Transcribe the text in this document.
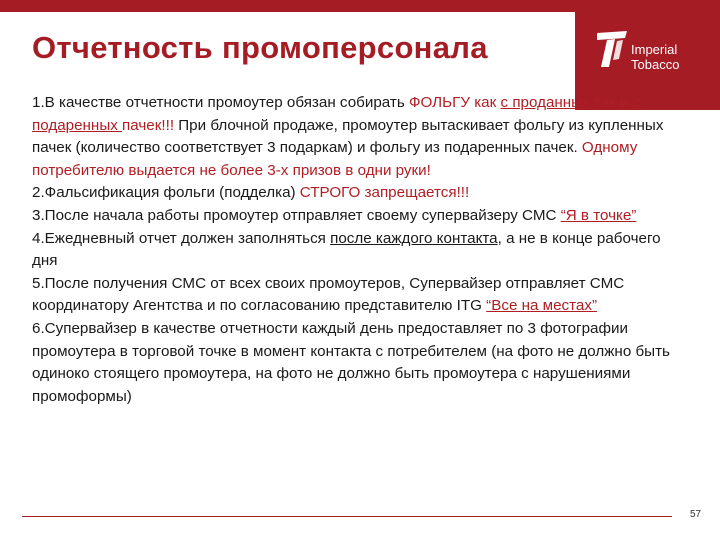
Imperial
Tobacco
Отчетность промоперсонала

1.В качестве отчетности промоутер обязан собирать ФОЛЬГУ как с проданных так и с подаренных пачек!!! При блочной продаже, промоутер вытаскивает фольгу из купленных пачек (количество соответствует 3 подаркам) и фольгу из подаренных пачек. Одному потребителю выдается не более 3-х призов в одни руки!

2.Фальсификация фольги (подделка) СТРОГО запрещается!!!

3.После начала работы промоутер отправляет своему супервайзеру СМС “Я в точке”

4.Ежедневный отчет должен заполняться после каждого контакта, а не в конце рабочего дня

5.После получения СМС от всех своих промоутеров, Супервайзер отправляет СМС координатору Агентства и по согласованию представителю ITG “Все на местах”

6.Супервайзер в качестве отчетности каждый день предоставляет по 3 фотографии промоутера в торговой точке в момент контакта с потребителем (на фото не должно быть одиноко стоящего промоутера, на фото не должно быть промоутера с нарушениями промоформы)

57
